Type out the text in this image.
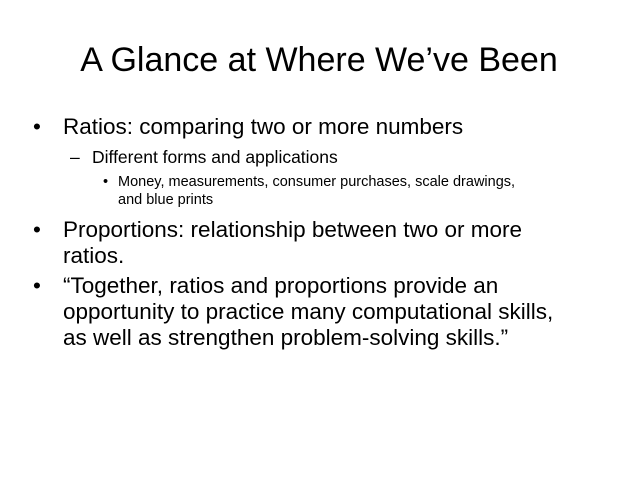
A Glance at Where We’ve Been
• Ratios: comparing two or more numbers
– Different forms and applications
• Money, measurements, consumer purchases, scale drawings, and blue prints
• Proportions: relationship between two or more ratios.
• “Together, ratios and proportions provide an opportunity to practice many computational skills, as well as strengthen problem-solving skills.”
